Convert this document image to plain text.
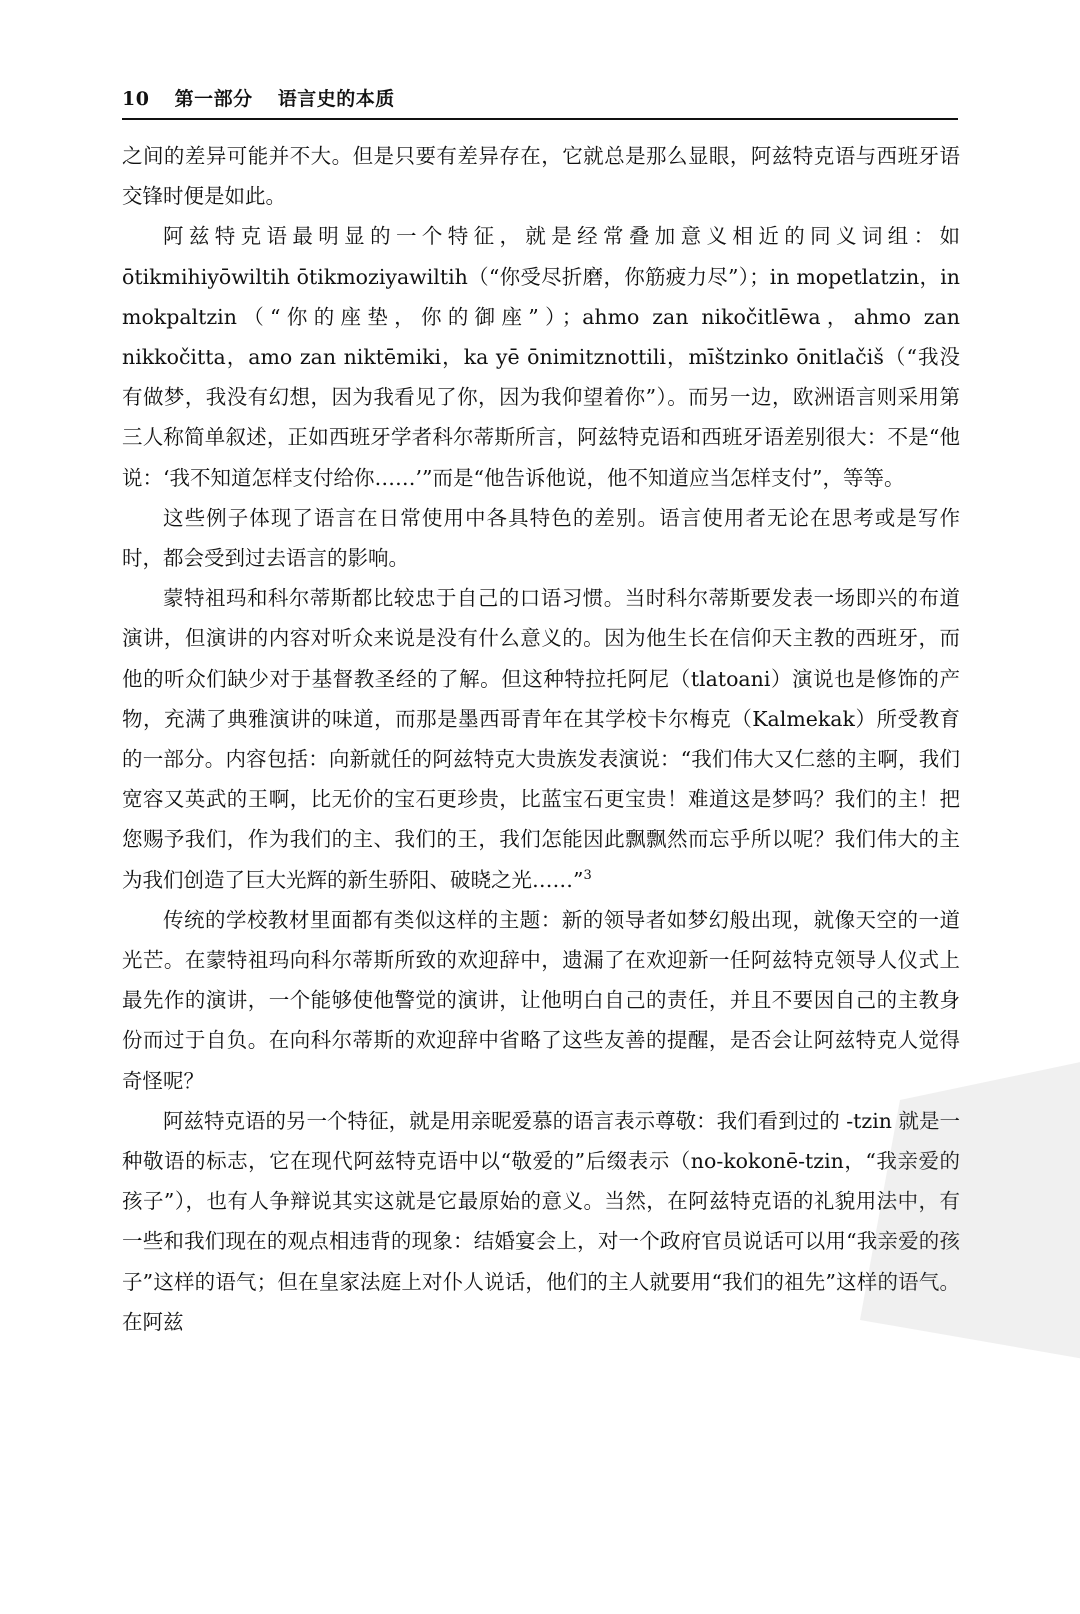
10 第一部分 语言史的本质

之间的差异可能并不大。但是只要有差异存在，它就总是那么显眼，阿兹特克语与西班牙语交锋时便是如此。

阿兹特克语最明显的一个特征，就是经常叠加意义相近的同义词组：如 ōtikmihiyōwiltih ōtikmoziyawiltih（“你受尽折磨，你筋疲力尽”）；in mopetlatzin，in mokpaltzin（“你的座垫，你的御座”）；ahmo zan nikočitlēwa，ahmo zan nikkočitta，amo zan niktēmiki，ka yē ōnimitznottili，mīštzinko ōnitlačiš（“我没有做梦，我没有幻想，因为我看见了你，因为我仰望着你”）。而另一边，欧洲语言则采用第三人称简单叙述，正如西班牙学者科尔蒂斯所言，阿兹特克语和西班牙语差别很大：不是“他说：‘我不知道怎样支付给你……’”而是“他告诉他说，他不知道应当怎样支付”，等等。

这些例子体现了语言在日常使用中各具特色的差别。语言使用者无论在思考或是写作时，都会受到过去语言的影响。

蒙特祖玛和科尔蒂斯都比较忠于自己的口语习惯。当时科尔蒂斯要发表一场即兴的布道演讲，但演讲的内容对听众来说是没有什么意义的。因为他生长在信仰天主教的西班牙，而他的听众们缺少对于基督教圣经的了解。但这种特拉托阿尼（tlatoani）演说也是修饰的产物，充满了典雅演讲的味道，而那是墨西哥青年在其学校卡尔梅克（Kalmekak）所受教育的一部分。内容包括：向新就任的阿兹特克大贵族发表演说：“我们伟大又仁慈的主啊，我们宽容又英武的王啊，比无价的宝石更珍贵，比蓝宝石更宝贵！难道这是梦吗？我们的主！把您赐予我们，作为我们的主、我们的王，我们怎能因此飘飘然而忘乎所以呢？我们伟大的主为我们创造了巨大光辉的新生骄阳、破晓之光……”$^3$

传统的学校教材里面都有类似这样的主题：新的领导者如梦幻般出现，就像天空的一道光芒。在蒙特祖玛向科尔蒂斯所致的欢迎辞中，遗漏了在欢迎新一任阿兹特克领导人仪式上最先作的演讲，一个能够使他警觉的演讲，让他明白自己的责任，并且不要因自己的主教身份而过于自负。在向科尔蒂斯的欢迎辞中省略了这些友善的提醒，是否会让阿兹特克人觉得奇怪呢？

阿兹特克语的另一个特征，就是用亲昵爱慕的语言表示尊敬：我们看到过的 -tzin 就是一种敬语的标志，它在现代阿兹特克语中以“敬爱的”后缀表示（no-kokonē-tzin，“我亲爱的孩子”），也有人争辩说其实这就是它最原始的意义。当然，在阿兹特克语的礼貌用法中，有一些和我们现在的观点相违背的现象：结婚宴会上，对一个政府官员说话可以用“我亲爱的孩子”这样的语气；但在皇家法庭上对仆人说话，他们的主人就要用“我们的祖先”这样的语气。在阿兹
